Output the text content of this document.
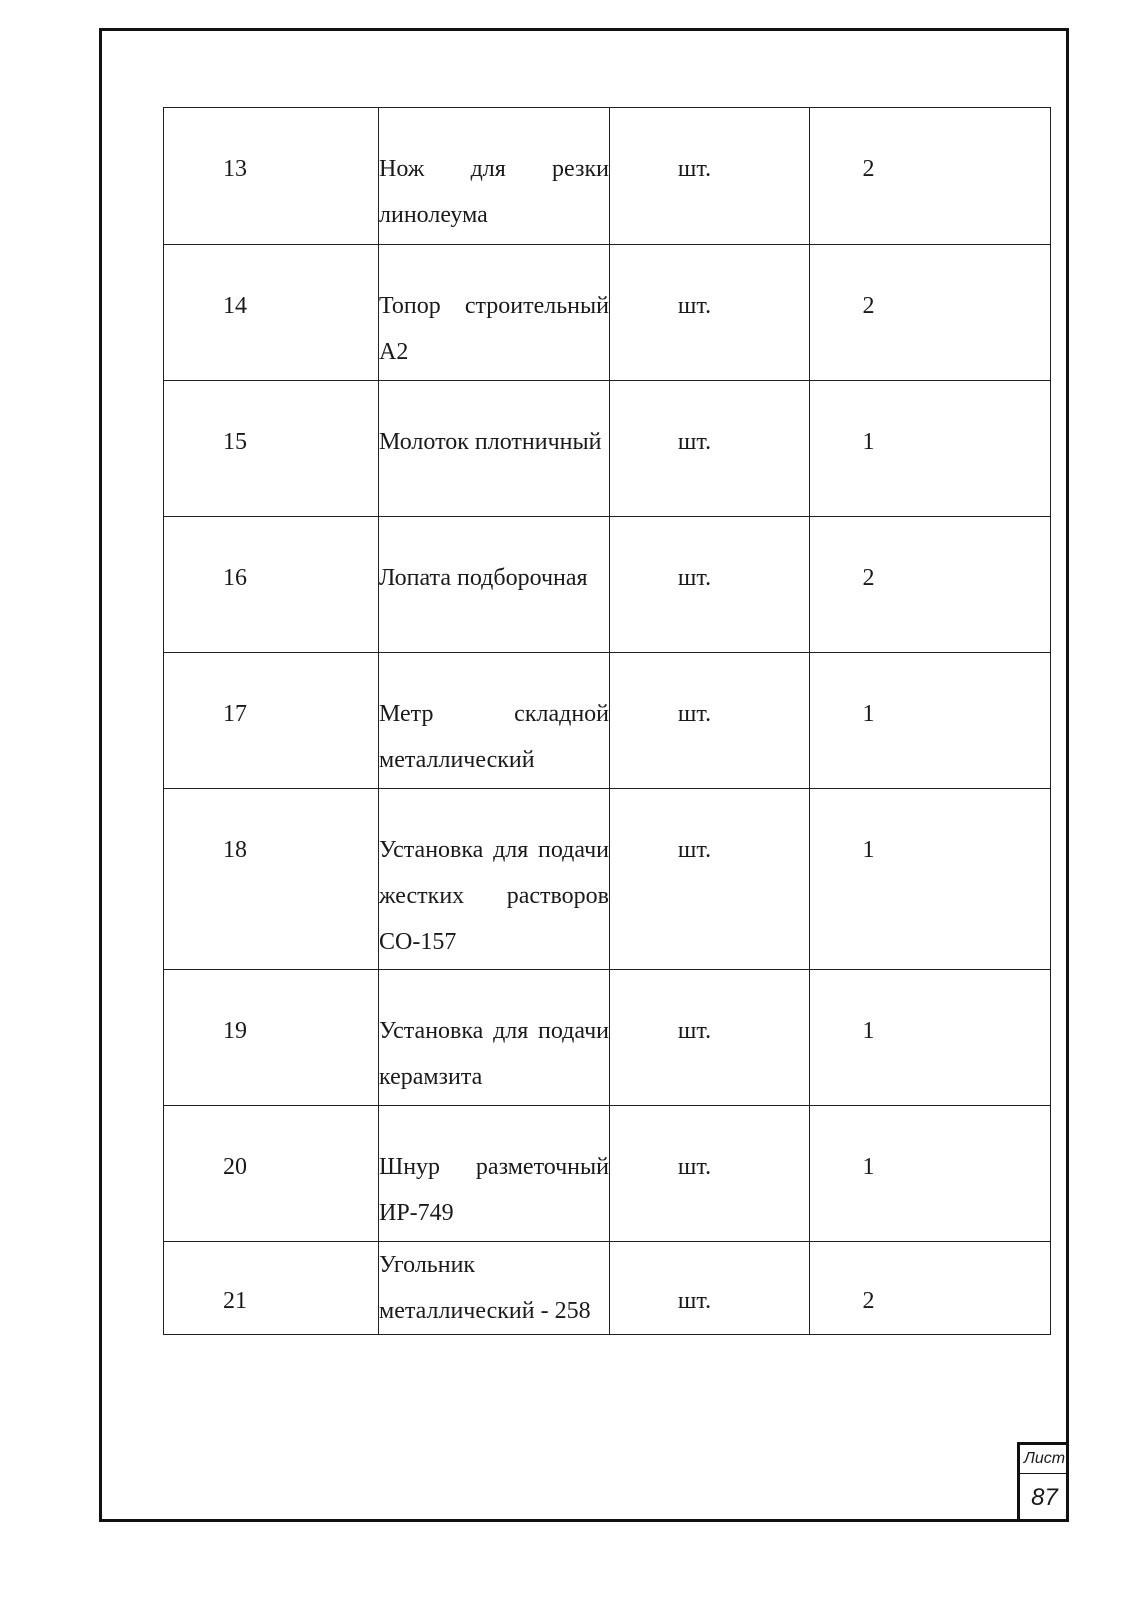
13	Нож для резки линолеума	шт.	2
14	Топор строительный А2	шт.	2
15	Молоток плотничный	шт.	1
16	Лопата подборочная	шт.	2
17	Метр складной металлический	шт.	1
18	Установка для подачи жестких растворов СО-157	шт.	1
19	Установка для подачи керамзита	шт.	1
20	Шнур разметочный ИР-749	шт.	1
21	Угольник металлический - 258	шт.	2
Лист
87
